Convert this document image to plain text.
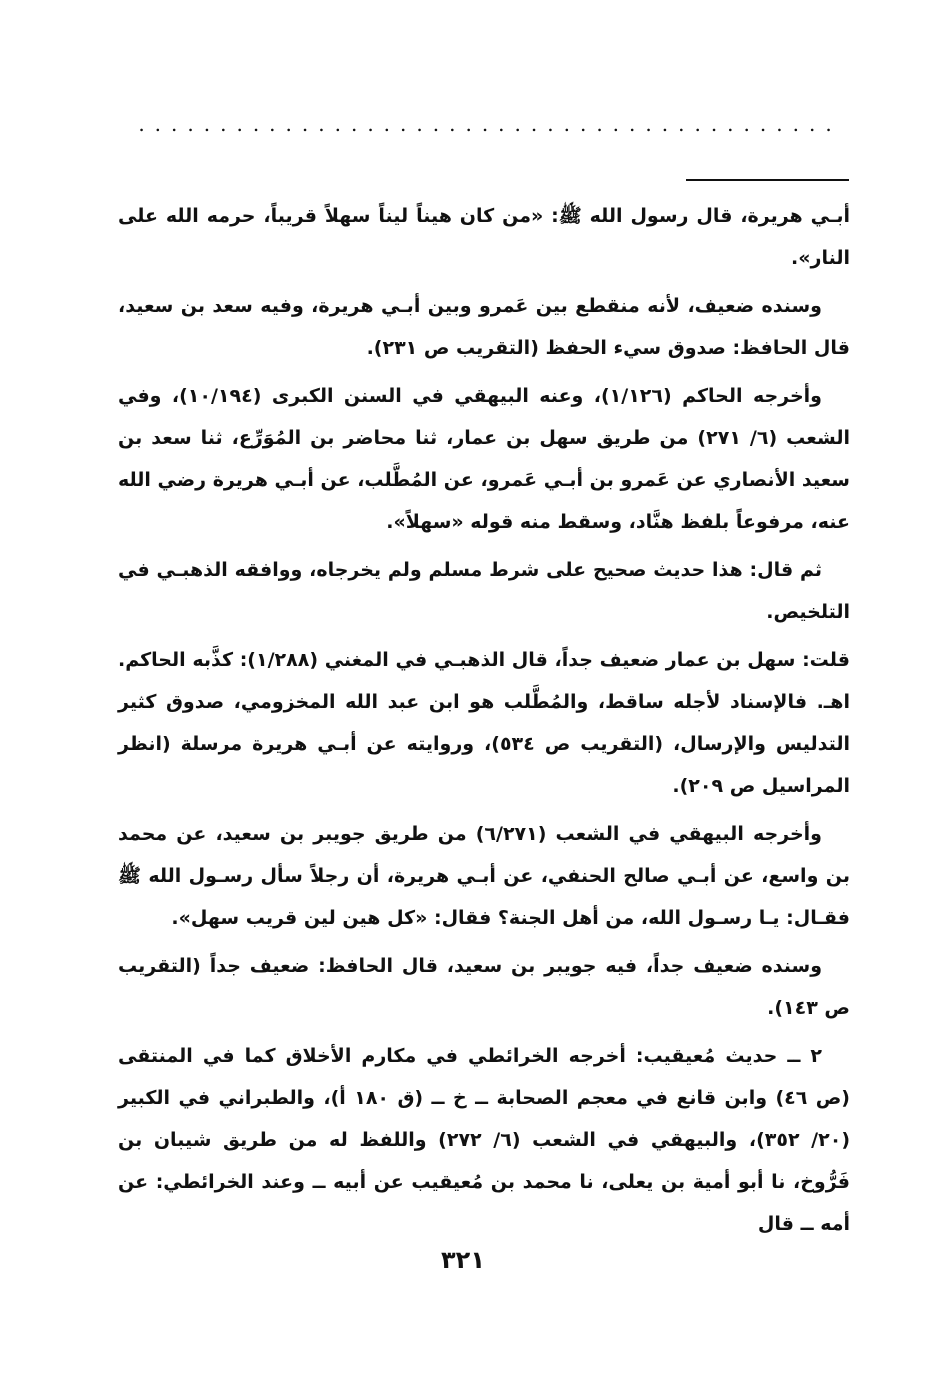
...........................................

أبـي هريرة، قال رسول الله ﷺ: «من كان هيناً ليناً سهلاً قريباً، حرمه الله على النار».

وسنده ضعيف، لأنه منقطع بين عَمرو وبين أبـي هريرة، وفيه سعد بن سعيد، قال الحافظ: صدوق سيء الحفظ (التقريب ص ٢٣١).

وأخرجه الحاكم (١/١٢٦)، وعنه البيهقي في السنن الكبرى (١٠/١٩٤)، وفي الشعب (٦/ ٢٧١) من طريق سهل بن عمار، ثنا محاضر بن المُوَرِّع، ثنا سعد بن سعيد الأنصاري عن عَمرو بن أبـي عَمرو، عن المُطَّلب، عن أبـي هريرة رضي الله عنه، مرفوعاً بلفظ هنَّاد، وسقط منه قوله «سهلاً».

ثم قال: هذا حديث صحيح على شرط مسلم ولم يخرجاه، ووافقه الذهبـي في التلخيص.

قلت: سهل بن عمار ضعيف جداً، قال الذهبـي في المغني (١/٢٨٨): كذَّبه الحاكم. اهـ. فالإسناد لأجله ساقط، والمُطَّلب هو ابن عبد الله المخزومي، صدوق كثير التدليس والإرسال، (التقريب ص ٥٣٤)، وروايته عن أبـي هريرة مرسلة (انظر المراسيل ص ٢٠٩).

وأخرجه البيهقي في الشعب (٦/٢٧١) من طريق جويبر بن سعيد، عن محمد بن واسع، عن أبـي صالح الحنفي، عن أبـي هريرة، أن رجلاً سأل رسـول الله ﷺ فقـال: يـا رسـول الله، من أهل الجنة؟ فقال: «كل هين لين قريب سهل».

وسنده ضعيف جداً، فيه جويبر بن سعيد، قال الحافظ: ضعيف جداً (التقريب ص ١٤٣).

٢ ــ حديث مُعيقيب: أخرجه الخرائطي في مكارم الأخلاق كما في المنتقى (ص ٤٦) وابن قانع في معجم الصحابة ــ خ ــ (ق ١٨٠ أ)، والطبراني في الكبير (٢٠/ ٣٥٢)، والبيهقي في الشعب (٦/ ٢٧٢) واللفظ له من طريق شيبان بن فَرُّوخ، نا أبو أمية بن يعلى، نا محمد بن مُعيقيب عن أبيه ــ وعند الخرائطي: عن أمه ــ قال

٣٢١
